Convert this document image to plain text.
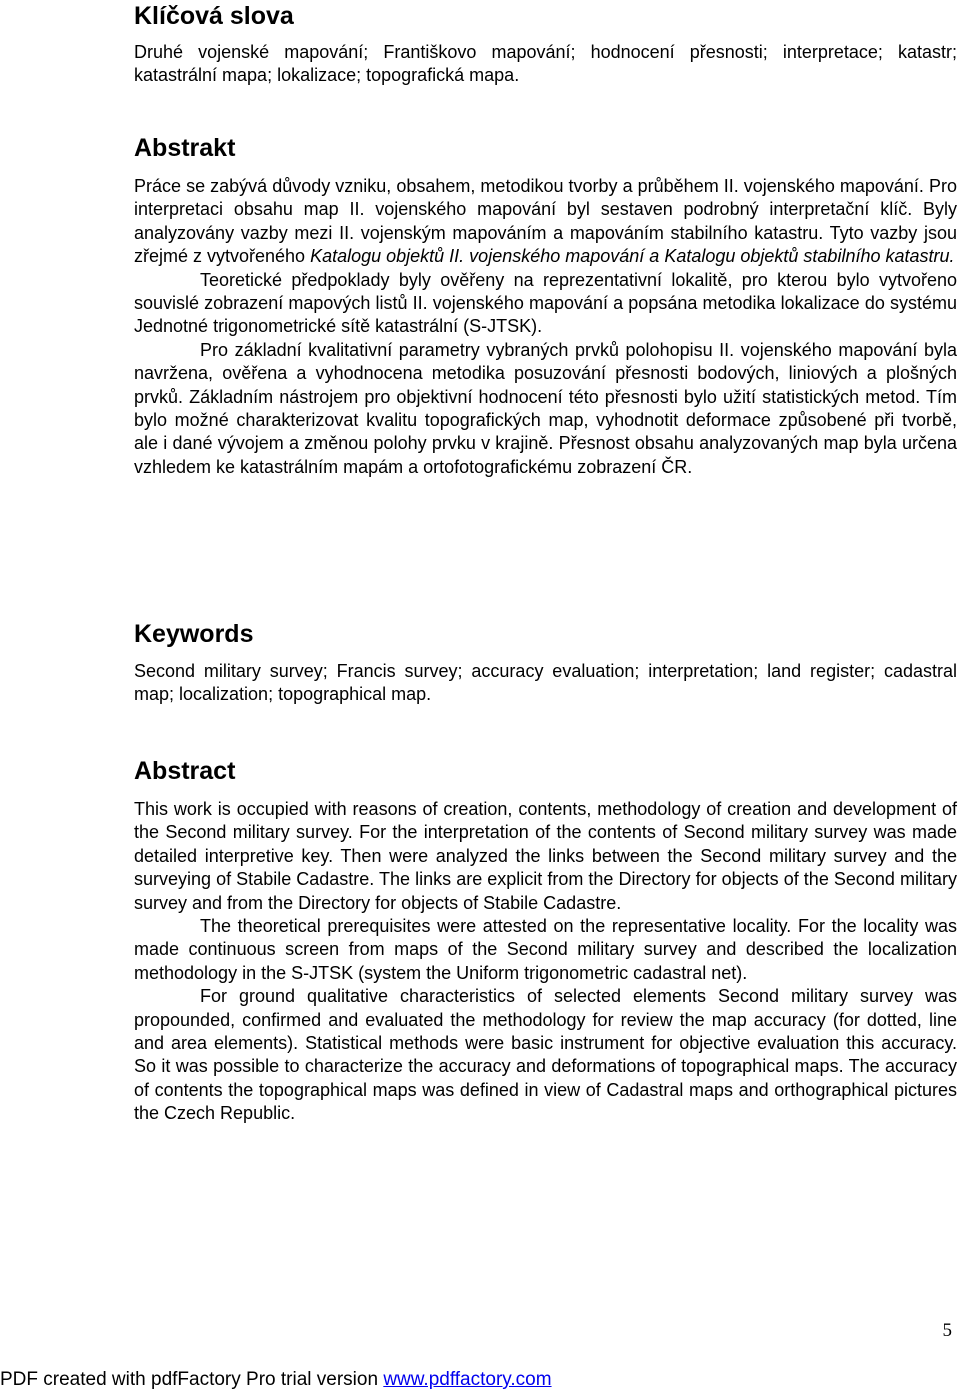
Klíčová slova

Druhé vojenské mapování; Františkovo mapování; hodnocení přesnosti; interpretace; katastr; katastrální mapa; lokalizace; topografická mapa.

Abstrakt

Práce se zabývá důvody vzniku, obsahem, metodikou tvorby a průběhem II. vojenského mapování. Pro interpretaci obsahu map II. vojenského mapování byl sestaven podrobný interpretační klíč. Byly analyzovány vazby mezi II. vojenským mapováním a mapováním stabilního katastru. Tyto vazby jsou zřejmé z vytvořeného Katalogu objektů II. vojenského mapování a Katalogu objektů stabilního katastru.

Teoretické předpoklady byly ověřeny na reprezentativní lokalitě, pro kterou bylo vytvořeno souvislé zobrazení mapových listů II. vojenského mapování a popsána metodika lokalizace do systému Jednotné trigonometrické sítě katastrální (S-JTSK).

Pro základní kvalitativní parametry vybraných prvků polohopisu II. vojenského mapování byla navržena, ověřena a vyhodnocena metodika posuzování přesnosti bodových, liniových a plošných prvků. Základním nástrojem pro objektivní hodnocení této přesnosti bylo užití statistických metod. Tím bylo možné charakterizovat kvalitu topografických map, vyhodnotit deformace způsobené při tvorbě, ale i dané vývojem a změnou polohy prvku v krajině. Přesnost obsahu analyzovaných map byla určena vzhledem ke katastrálním mapám a ortofotografickému zobrazení ČR.

Keywords

Second military survey; Francis survey; accuracy evaluation; interpretation; land register; cadastral map; localization; topographical map.

Abstract

This work is occupied with reasons of creation, contents, methodology of creation and development of the Second military survey. For the interpretation of the contents of Second military survey was made detailed interpretive key. Then were analyzed the links between the Second military survey and the surveying of Stabile Cadastre. The links are explicit from the Directory for objects of the Second military survey and from the Directory for objects of Stabile Cadastre.

The theoretical prerequisites were attested on the representative locality. For the locality was made continuous screen from maps of the Second military survey and described the localization methodology in the S-JTSK (system the Uniform trigonometric cadastral net).

For ground qualitative characteristics of selected elements Second military survey was propounded, confirmed and evaluated the methodology for review the map accuracy (for dotted, line and area elements). Statistical methods were basic instrument for objective evaluation this accuracy. So it was possible to characterize the accuracy and deformations of topographical maps. The accuracy of contents the topographical maps was defined in view of Cadastral maps and orthographical pictures the Czech Republic.

5
PDF created with pdfFactory Pro trial version www.pdffactory.com
